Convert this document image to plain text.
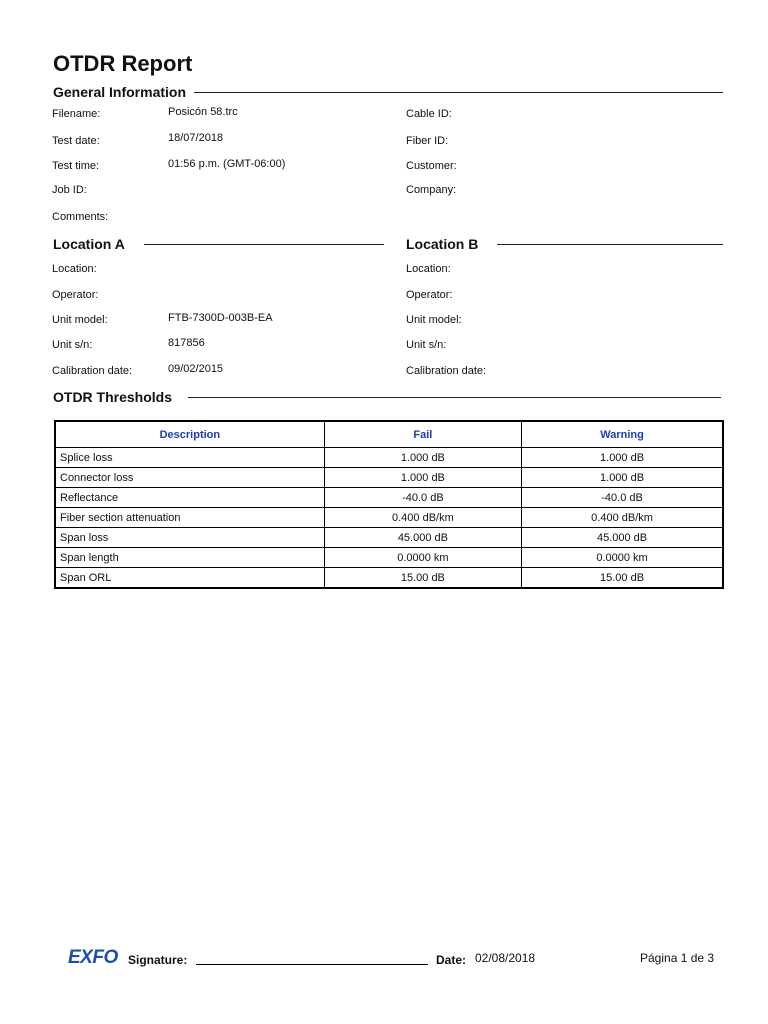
OTDR Report
General Information
Filename:	Posicón 58.trc
Test date:	18/07/2018
Test time:	01:56 p.m. (GMT-06:00)
Job ID:
Comments:
Cable ID:
Fiber ID:
Customer:
Company:
Location A
Location:
Operator:
Unit model:	FTB-7300D-003B-EA
Unit s/n:	817856
Calibration date:	09/02/2015
Location B
Location:
Operator:
Unit model:
Unit s/n:
Calibration date:
OTDR Thresholds
Description	Fail	Warning
Splice loss	1.000 dB	1.000 dB
Connector loss	1.000 dB	1.000 dB
Reflectance	-40.0 dB	-40.0 dB
Fiber section attenuation	0.400 dB/km	0.400 dB/km
Span loss	45.000 dB	45.000 dB
Span length	0.0000 km	0.0000 km
Span ORL	15.00 dB	15.00 dB
EXFO Signature:	Date: 02/08/2018	Página 1 de 3
